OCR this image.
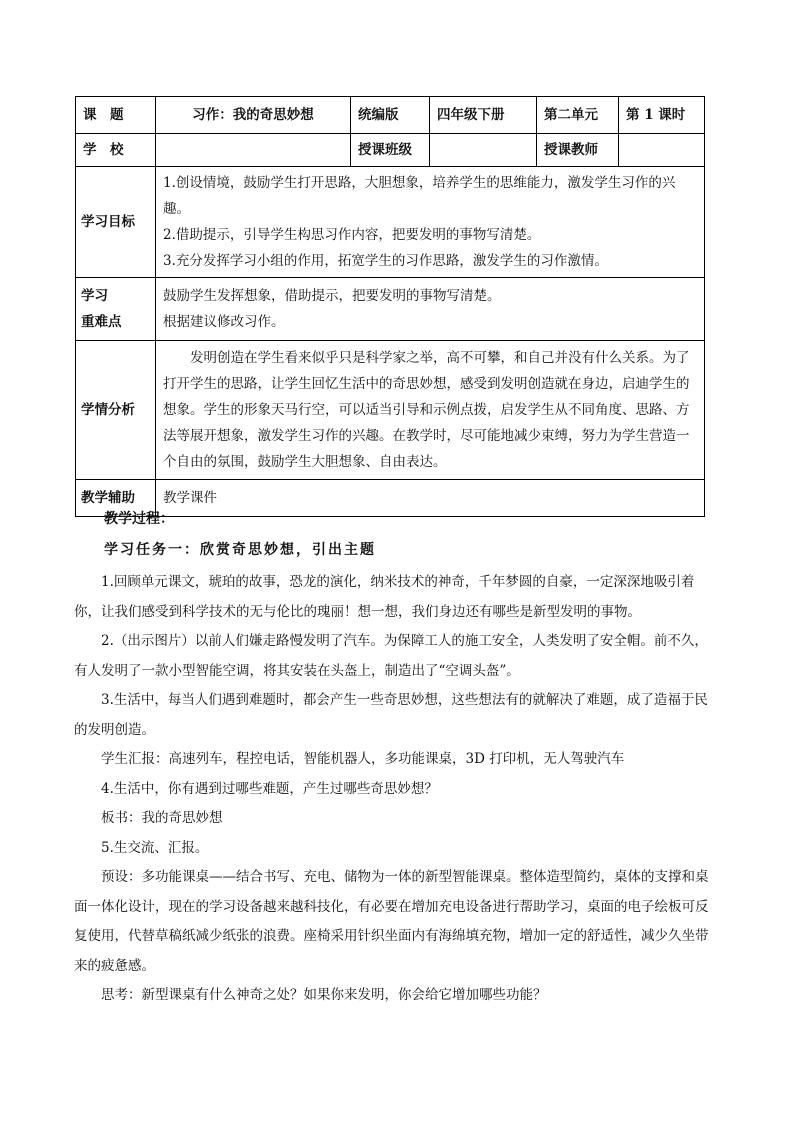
课　题	习作：我的奇思妙想	统编版	四年级下册	第二单元	第 1 课时
学　校		授课班级		授课教师	
学习目标	1.创设情境，鼓励学生打开思路，大胆想象，培养学生的思维能力，激发学生习作的兴趣。
2.借助提示，引导学生构思习作内容，把要发明的事物写清楚。
3.充分发挥学习小组的作用，拓宽学生的习作思路，激发学生的习作激情。				

学习
重难点	鼓励学生发挥想象，借助提示，把要发明的事物写清楚。
根据建议修改习作。				

学情分析	发明创造在学生看来似乎只是科学家之举，高不可攀，和自己并没有什么关系。为了打开学生的思路，让学生回忆生活中的奇思妙想，感受到发明创造就在身边，启迪学生的想象。学生的形象天马行空，可以适当引导和示例点拨，启发学生从不同角度、思路、方法等展开想象，激发学生习作的兴趣。在教学时，尽可能地减少束缚，努力为学生营造一个自由的氛围，鼓励学生大胆想象、自由表达。				
教学辅助	教学课件				
教学过程：
学习任务一：欣赏奇思妙想，引出主题

1.回顾单元课文，琥珀的故事，恐龙的演化，纳米技术的神奇，千年梦圆的自豪，一定深深地吸引着你，让我们感受到科学技术的无与伦比的瑰丽！想一想，我们身边还有哪些是新型发明的事物。

2.（出示图片）以前人们嫌走路慢发明了汽车。为保障工人的施工安全，人类发明了安全帽。前不久，有人发明了一款小型智能空调，将其安装在头盔上，制造出了“空调头盔”。

3.生活中，每当人们遇到难题时，都会产生一些奇思妙想，这些想法有的就解决了难题，成了造福于民的发明创造。

学生汇报：高速列车，程控电话，智能机器人，多功能课桌，3D 打印机，无人驾驶汽车

4.生活中，你有遇到过哪些难题，产生过哪些奇思妙想？

板书：我的奇思妙想

5.生交流、汇报。

预设：多功能课桌——结合书写、充电、储物为一体的新型智能课桌。整体造型简约，桌体的支撑和桌面一体化设计，现在的学习设备越来越科技化，有必要在增加充电设备进行帮助学习，桌面的电子绘板可反复使用，代替草稿纸减少纸张的浪费。座椅采用针织坐面内有海绵填充物，增加一定的舒适性，减少久坐带来的疲惫感。

思考：新型课桌有什么神奇之处？如果你来发明，你会给它增加哪些功能？
